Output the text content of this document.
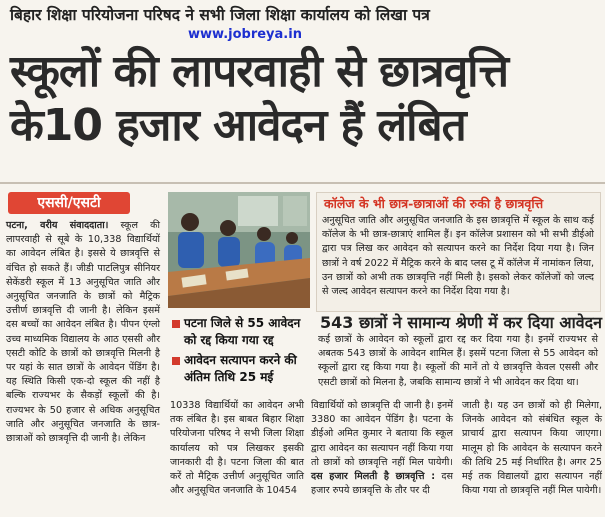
बिहार शिक्षा परियोजना परिषद ने सभी जिला शिक्षा कार्यालय को लिखा पत्र
www.jobreya.in
स्कूलों की लापरवाही से छात्रवृत्ति
के10 हजार आवेदन हैं लंबित
एससी/एसटी
पटना, वरीय संवाददाता। स्कूल की लापरवाही से सूबे के 10,338 विद्यार्थियों का आवेदन लंबित है। इससे ये छात्रवृत्ति से वंचित हो सकते हैं। जीडी पाटलिपुत्र सीनियर सेकेंडरी स्कूल में 13 अनुसूचित जाति और अनुसूचित जनजाति के छात्रों को मैट्रिक उत्तीर्ण छात्रवृत्ति दी जानी है। लेकिन इसमें दस बच्चों का आवेदन लंबित है। पीपन एंग्लो उच्च माध्यमिक विद्यालय के आठ एससी और एसटी कोटि के छात्रों को छात्रवृत्ति मिलनी है पर यहां के सात छात्रों के आवेदन पेंडिंग है। यह स्थिति किसी एक-दो स्कूल की नहीं है बल्कि राज्यभर के सैकड़ों स्कूलों की है। राज्यभर के 50 हजार से अधिक अनुसूचित जाति और अनुसूचित जनजाति के छात्र-छात्राओं को छात्रवृत्ति दी जानी है। लेकिन
पटना जिले से 55 आवेदन को रद्द किया गया रद्द
आवेदन सत्यापन करने की अंतिम तिथि 25 मई
कॉलेज के भी छात्र-छात्राओं की रुकी है छात्रवृत्ति
अनुसूचित जाति और अनुसूचित जनजाति के इस छात्रवृत्ति में स्कूल के साथ कई कॉलेज के भी छात्र-छात्राएं शामिल हैं। इन कॉलेज प्रशासन को भी सभी डीईओ द्वारा पत्र लिख कर आवेदन को सत्यापन करने का निर्देश दिया गया है। जिन छात्रों ने वर्ष 2022 में मैट्रिक करने के बाद प्लस टू में कॉलेज में नामांकन लिया, उन छात्रों को अभी तक छात्रवृत्ति नहीं मिली है। इसको लेकर कॉलेजों को जल्द से जल्द आवेदन सत्यापन करने का निर्देश दिया गया है।
543 छात्रों ने सामान्य श्रेणी में कर दिया आवेदन
कई छात्रों के आवेदन को स्कूलों द्वारा रद्द कर दिया गया है। इनमें राज्यभर से अबतक 543 छात्रों के आवेदन शामिल हैं। इसमें पटना जिला से 55 आवेदन को स्कूलों द्वारा रद्द किया गया है। स्कूलों की मानें तो ये छात्रवृत्ति केवल एससी और एसटी छात्रों को मिलना है, जबकि सामान्य छात्रों ने भी आवेदन कर दिया था।
10338 विद्यार्थियों का आवेदन अभी तक लंबित है। इस बाबत बिहार शिक्षा परियोजना परिषद ने सभी जिला शिक्षा कार्यालय को पत्र लिखकर इसकी जानकारी दी है। पटना जिला की बात करें तो मैट्रिक उत्तीर्ण अनुसूचित जाति और अनुसूचित जनजाति के 10454
विद्यार्थियों को छात्रवृत्ति दी जानी है। इनमें 3380 का आवेदन पेंडिंग है। पटना के डीईओ अमित कुमार ने बताया कि स्कूल द्वारा आवेदन का सत्यापन नहीं किया गया तो छात्रों को छात्रवृत्ति नहीं मिल पायेगी। दस हजार मिलती है छात्रवृत्ति : दस हजार रुपये छात्रवृत्ति के तौर पर दी
जाती है। यह उन छात्रों को ही मिलेगा, जिनके आवेदन को संबंधित स्कूल के प्राचार्य द्वारा सत्यापन किया जाएगा। मालूम हो कि आवेदन के सत्यापन करने की तिथि 25 मई निर्धारित है। अगर 25 मई तक विद्यालयों द्वारा सत्यापन नहीं किया गया तो छात्रवृत्ति नहीं मिल पायेगी।
